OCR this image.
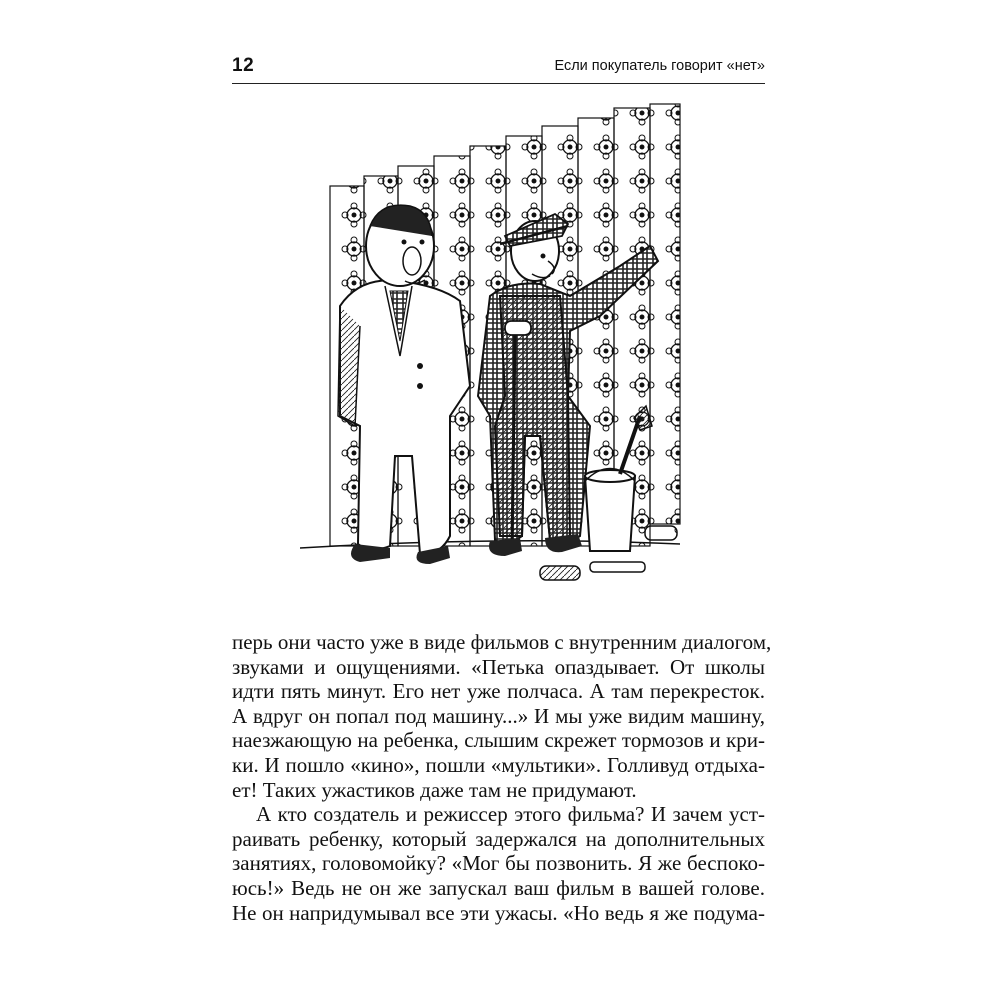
12	Если покупатель говорит «нет»

перь они часто уже в виде фильмов с внутренним диалогом,
звуками и ощущениями. «Петька опаздывает. От школы
идти пять минут. Его нет уже полчаса. А там перекресток.
А вдруг он попал под машину...» И мы уже видим машину,
наезжающую на ребенка, слышим скрежет тормозов и кри-
ки. И пошло «кино», пошли «мультики». Голливуд отдыха-
ет! Таких ужастиков даже там не придумают.

А кто создатель и режиссер этого фильма? И зачем уст-
раивать ребенку, который задержался на дополнительных
занятиях, головомойку? «Мог бы позвонить. Я же беспоко-
юсь!» Ведь не он же запускал ваш фильм в вашей голове.
Не он напридумывал все эти ужасы. «Но ведь я же подума-
